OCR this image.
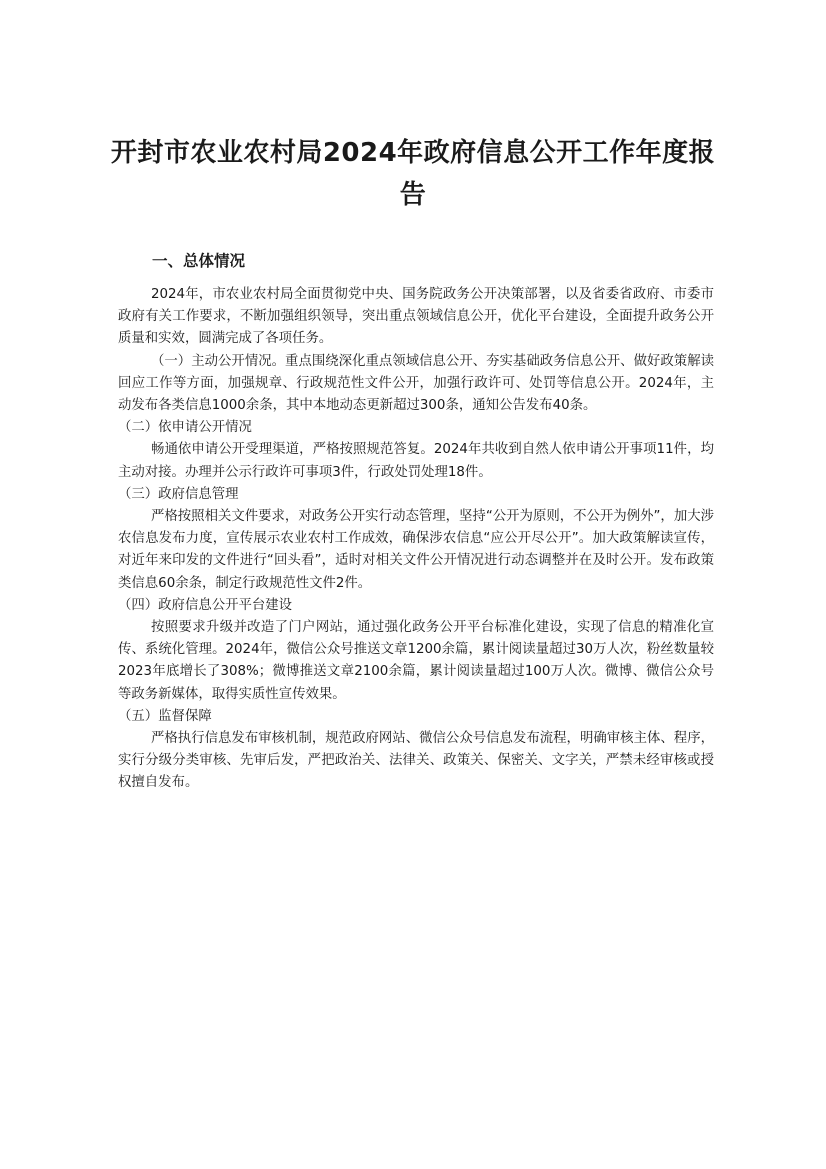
开封市农业农村局2024年政府信息公开工作年度报告
一、总体情况

2024年，市农业农村局全面贯彻党中央、国务院政务公开决策部署，以及省委省政府、市委市政府有关工作要求，不断加强组织领导，突出重点领域信息公开，优化平台建设，全面提升政务公开质量和实效，圆满完成了各项任务。

（一）主动公开情况。重点围绕深化重点领域信息公开、夯实基础政务信息公开、做好政策解读回应工作等方面，加强规章、行政规范性文件公开，加强行政许可、处罚等信息公开。2024年，主动发布各类信息1000余条，其中本地动态更新超过300条，通知公告发布40条。

（二）依申请公开情况

畅通依申请公开受理渠道，严格按照规范答复。2024年共收到自然人依申请公开事项11件，均主动对接。办理并公示行政许可事项3件，行政处罚处理18件。

（三）政府信息管理

严格按照相关文件要求，对政务公开实行动态管理，坚持“公开为原则，不公开为例外”，加大涉农信息发布力度，宣传展示农业农村工作成效，确保涉农信息“应公开尽公开”。加大政策解读宣传，对近年来印发的文件进行“回头看”，适时对相关文件公开情况进行动态调整并在及时公开。发布政策类信息60余条，制定行政规范性文件2件。

（四）政府信息公开平台建设

按照要求升级并改造了门户网站，通过强化政务公开平台标准化建设，实现了信息的精准化宣传、系统化管理。2024年，微信公众号推送文章1200余篇，累计阅读量超过30万人次，粉丝数量较2023年底增长了308%；微博推送文章2100余篇，累计阅读量超过100万人次。微博、微信公众号等政务新媒体，取得实质性宣传效果。

（五）监督保障

严格执行信息发布审核机制，规范政府网站、微信公众号信息发布流程，明确审核主体、程序，实行分级分类审核、先审后发，严把政治关、法律关、政策关、保密关、文字关，严禁未经审核或授权擅自发布。
